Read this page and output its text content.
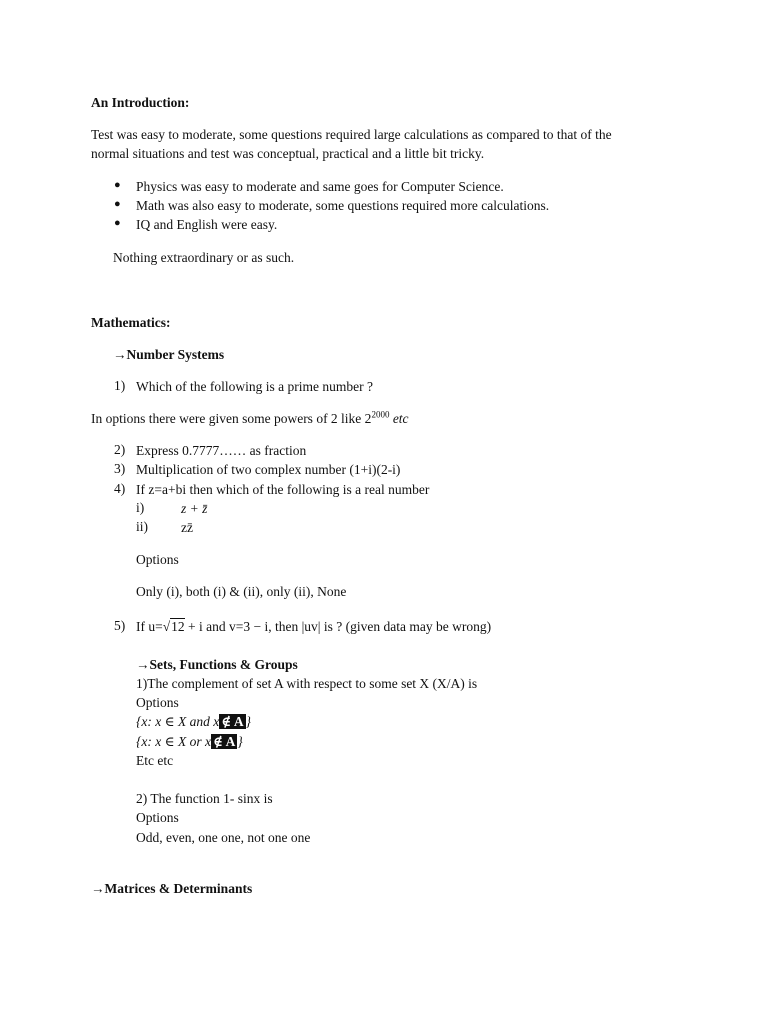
An Introduction:
Test was easy to moderate, some questions required large calculations as compared to that of the
normal situations and test was conceptual, practical and a little bit tricky.
● Physics was easy to moderate and same goes for Computer Science.
● Math was also easy to moderate, some questions required more calculations.
● IQ and English were easy.
Nothing extraordinary or as such.
Mathematics:
→Number Systems
1) Which of the following is a prime number ?
In options there were given some powers of 2 like $2^{2000}$ etc
2) Express 0.7777…… as fraction
3) Multiplication of two complex number (1+i)(2-i)
4) If z=a+bi then which of the following is a real number
i)	z + z̄
ii) zz̄
Options
Only (i), both (i) & (ii), only (ii), None
5) If u=√12 + i and v=3 − i, then |uv| is ? (given data may be wrong)
→Sets, Functions & Groups
1)The complement of set A with respect to some set X (X/A) is
Options
{x: x ∈ X and x ∉ A }
{x: x ∈ X or x ∉ A }
Etc etc
2) The function 1- sinx is
Options
Odd, even, one one, not one one
→Matrices & Determinants
